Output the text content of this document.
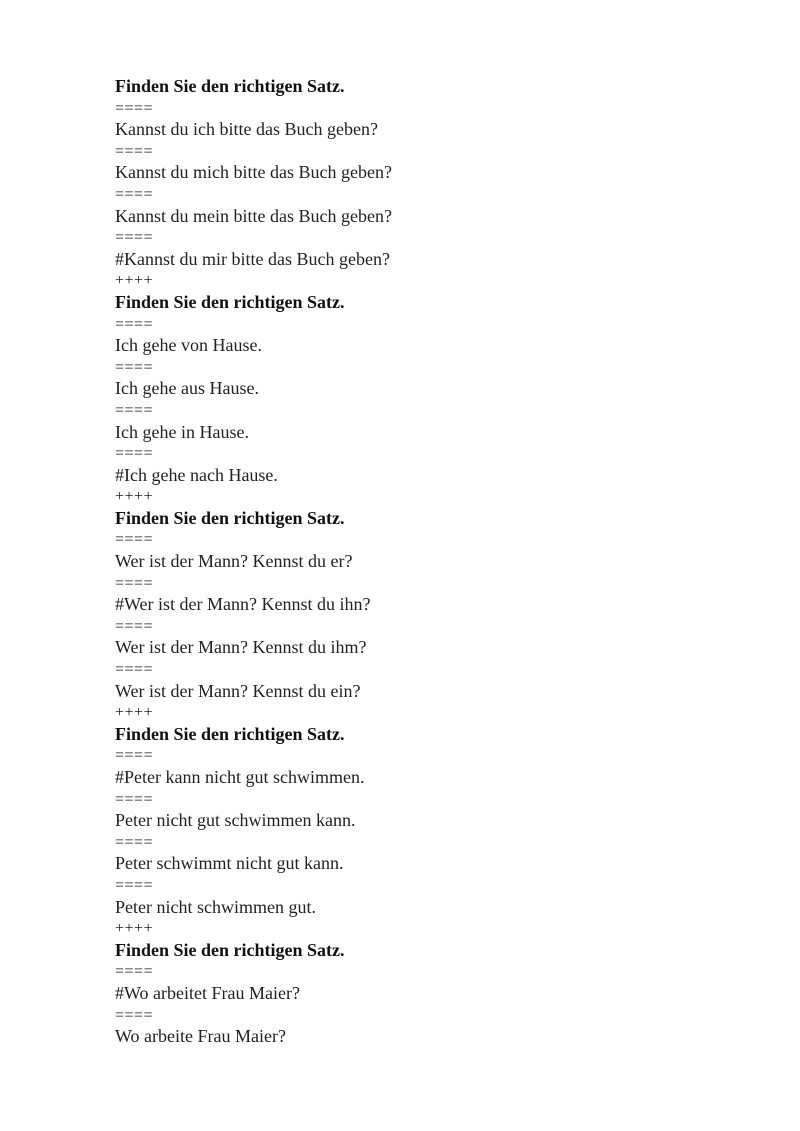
Finden Sie den richtigen Satz.
====
Kannst du ich bitte das Buch geben?
====
Kannst du mich bitte das Buch geben?
====
Kannst du mein bitte das Buch geben?
====
#Kannst du mir bitte das Buch geben?
++++
Finden Sie den richtigen Satz.
====
Ich gehe von Hause.
====
Ich gehe aus Hause.
====
Ich gehe in Hause.
====
#Ich gehe nach Hause.
++++
Finden Sie den richtigen Satz.
====
Wer ist der Mann? Kennst du er?
====
#Wer ist der Mann? Kennst du ihn?
====
Wer ist der Mann? Kennst du ihm?
====
Wer ist der Mann? Kennst du ein?
++++
Finden Sie den richtigen Satz.
====
#Peter kann nicht gut schwimmen.
====
Peter nicht gut schwimmen kann.
====
Peter schwimmt nicht gut kann.
====
Peter nicht schwimmen gut.
++++
Finden Sie den richtigen Satz.
====
#Wo arbeitet Frau Maier?
====
Wo arbeite Frau Maier?
